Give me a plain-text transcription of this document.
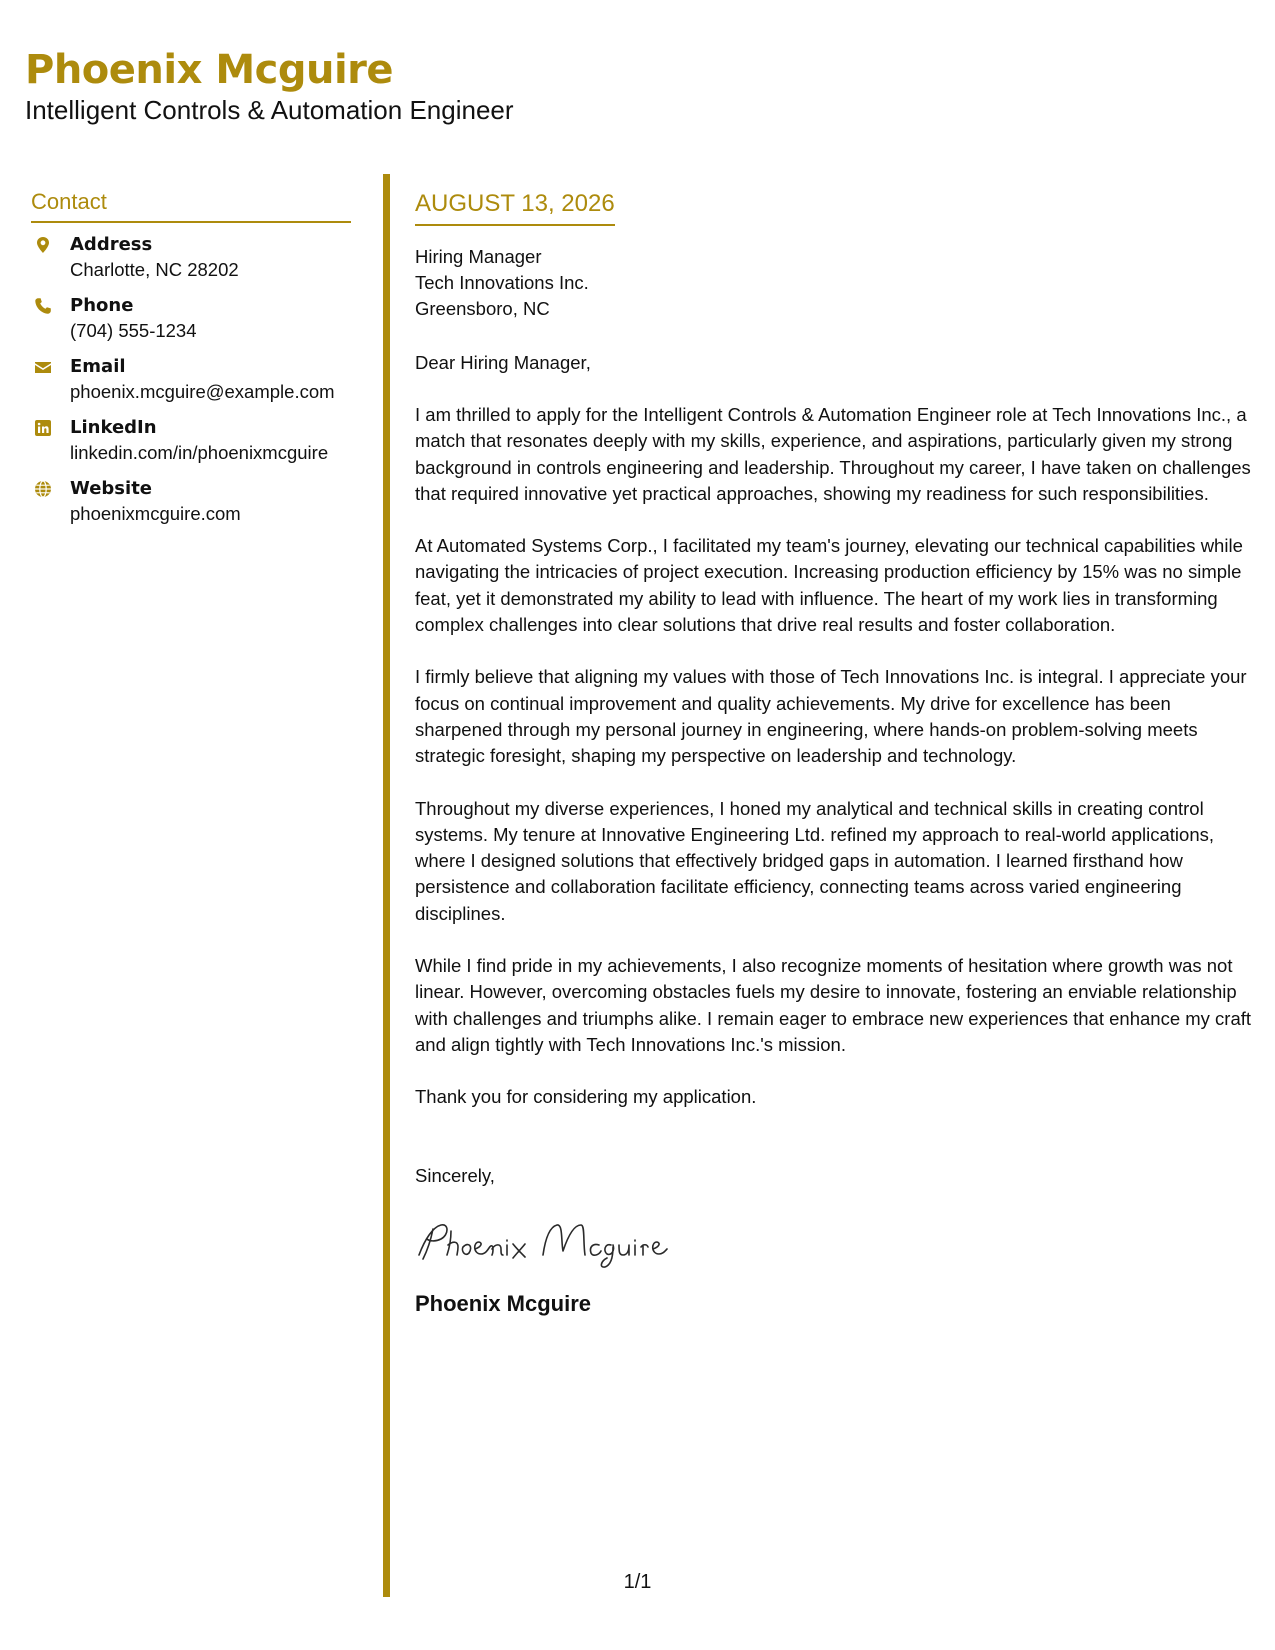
Phoenix Mcguire
Intelligent Controls & Automation Engineer
Contact
Address
Charlotte, NC 28202
Phone
(704) 555-1234
Email
phoenix.mcguire@example.com
LinkedIn
linkedin.com/in/phoenixmcguire
Website
phoenixmcguire.com
AUGUST 13, 2026
Hiring Manager
Tech Innovations Inc.
Greensboro, NC
Dear Hiring Manager,
I am thrilled to apply for the Intelligent Controls & Automation Engineer role at Tech Innovations Inc., a match that resonates deeply with my skills, experience, and aspirations, particularly given my strong background in controls engineering and leadership. Throughout my career, I have taken on challenges that required innovative yet practical approaches, showing my readiness for such responsibilities.
At Automated Systems Corp., I facilitated my team's journey, elevating our technical capabilities while navigating the intricacies of project execution. Increasing production efficiency by 15% was no simple feat, yet it demonstrated my ability to lead with influence. The heart of my work lies in transforming complex challenges into clear solutions that drive real results and foster collaboration.
I firmly believe that aligning my values with those of Tech Innovations Inc. is integral. I appreciate your focus on continual improvement and quality achievements. My drive for excellence has been sharpened through my personal journey in engineering, where hands-on problem-solving meets strategic foresight, shaping my perspective on leadership and technology.
Throughout my diverse experiences, I honed my analytical and technical skills in creating control systems. My tenure at Innovative Engineering Ltd. refined my approach to real-world applications, where I designed solutions that effectively bridged gaps in automation. I learned firsthand how persistence and collaboration facilitate efficiency, connecting teams across varied engineering disciplines.
While I find pride in my achievements, I also recognize moments of hesitation where growth was not linear. However, overcoming obstacles fuels my desire to innovate, fostering an enviable relationship with challenges and triumphs alike. I remain eager to embrace new experiences that enhance my craft and align tightly with Tech Innovations Inc.'s mission.
Thank you for considering my application.
Sincerely,
Phoenix Mcguire
1/1
